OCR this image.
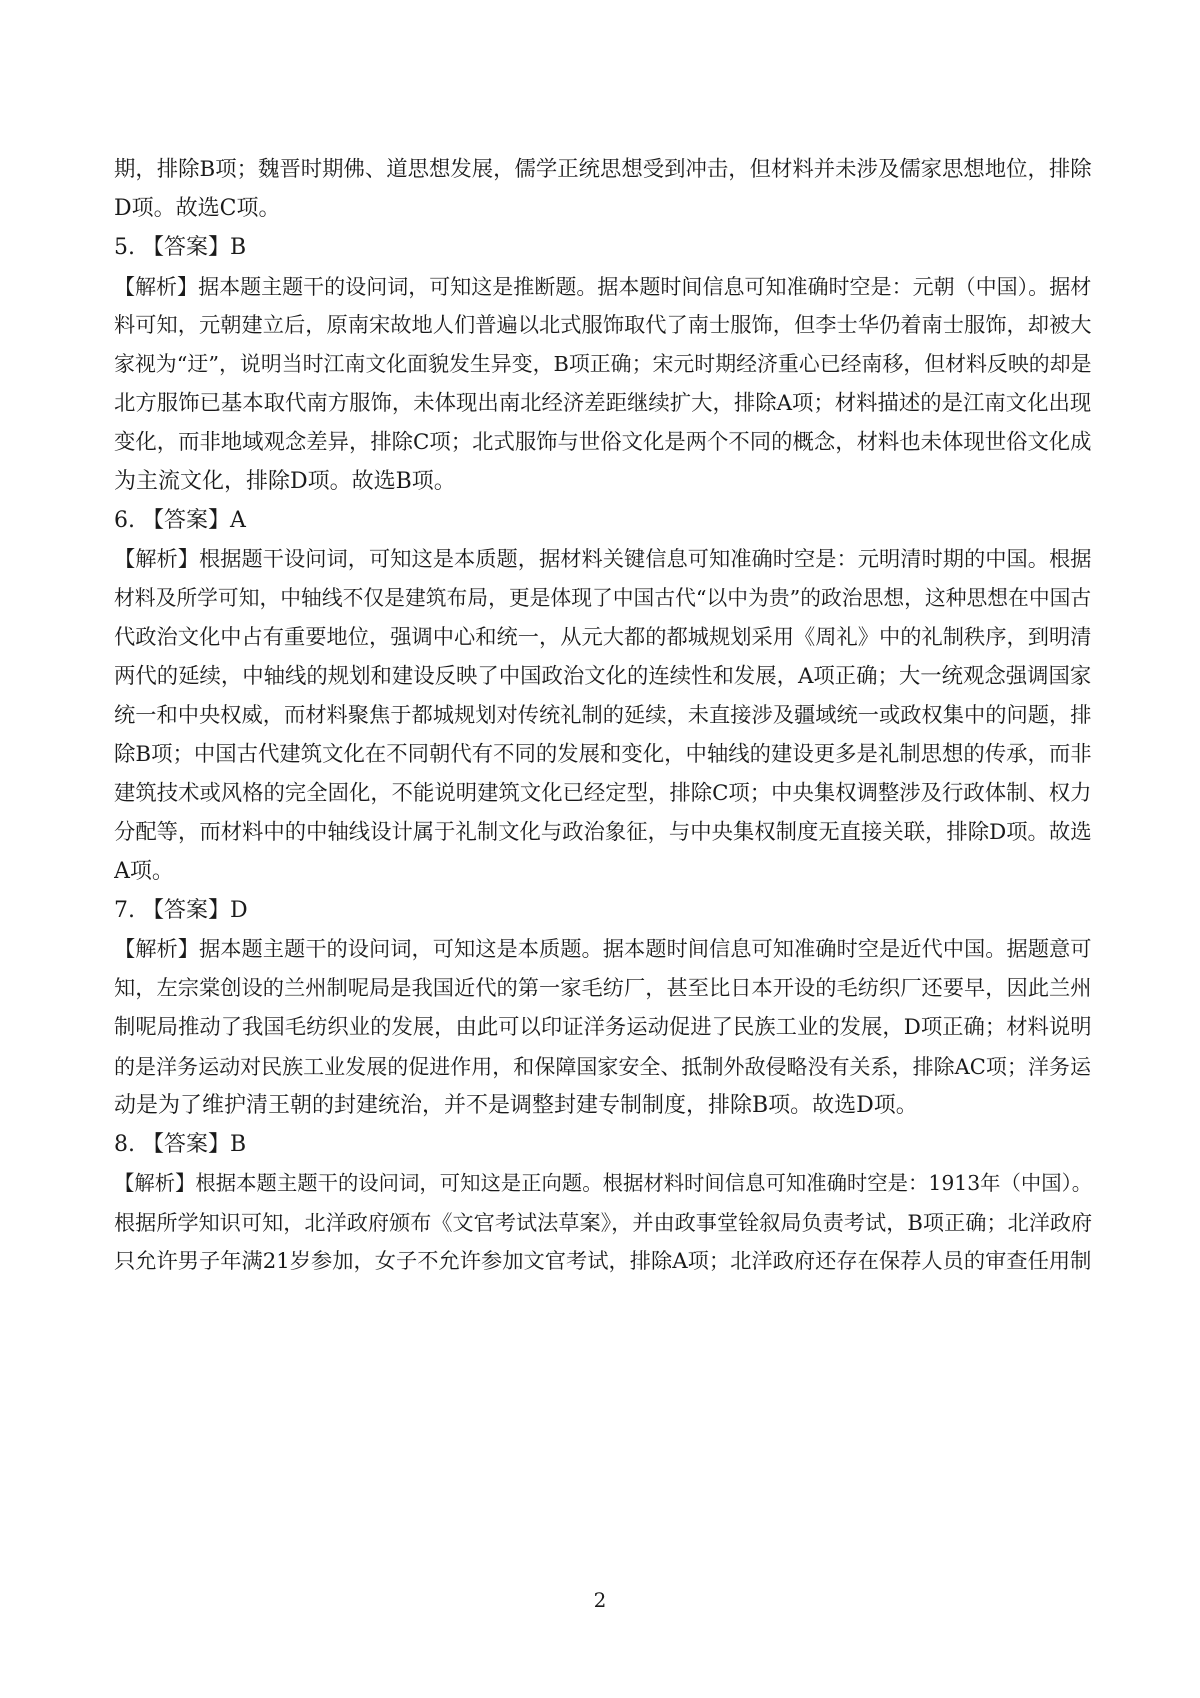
期，排除B项；魏晋时期佛、道思想发展，儒学正统思想受到冲击，但材料并未涉及儒家思想地位，排除
D项。故选C项。
5. 【答案】B
【解析】据本题主题干的设问词，可知这是推断题。据本题时间信息可知准确时空是：元朝（中国）。据材
料可知，元朝建立后，原南宋故地人们普遍以北式服饰取代了南士服饰，但李士华仍着南士服饰，却被大
家视为“迂”，说明当时江南文化面貌发生异变，B项正确；宋元时期经济重心已经南移，但材料反映的却是
北方服饰已基本取代南方服饰，未体现出南北经济差距继续扩大，排除A项；材料描述的是江南文化出现
变化，而非地域观念差异，排除C项；北式服饰与世俗文化是两个不同的概念，材料也未体现世俗文化成
为主流文化，排除D项。故选B项。
6. 【答案】A
【解析】根据题干设问词，可知这是本质题，据材料关键信息可知准确时空是：元明清时期的中国。根据
材料及所学可知，中轴线不仅是建筑布局，更是体现了中国古代“以中为贵”的政治思想，这种思想在中国古
代政治文化中占有重要地位，强调中心和统一，从元大都的都城规划采用《周礼》中的礼制秩序，到明清
两代的延续，中轴线的规划和建设反映了中国政治文化的连续性和发展，A项正确；大一统观念强调国家
统一和中央权威，而材料聚焦于都城规划对传统礼制的延续，未直接涉及疆域统一或政权集中的问题，排
除B项；中国古代建筑文化在不同朝代有不同的发展和变化，中轴线的建设更多是礼制思想的传承，而非
建筑技术或风格的完全固化，不能说明建筑文化已经定型，排除C项；中央集权调整涉及行政体制、权力
分配等，而材料中的中轴线设计属于礼制文化与政治象征，与中央集权制度无直接关联，排除D项。故选
A项。
7. 【答案】D
【解析】据本题主题干的设问词，可知这是本质题。据本题时间信息可知准确时空是近代中国。据题意可
知，左宗棠创设的兰州制呢局是我国近代的第一家毛纺厂，甚至比日本开设的毛纺织厂还要早，因此兰州
制呢局推动了我国毛纺织业的发展，由此可以印证洋务运动促进了民族工业的发展，D项正确；材料说明
的是洋务运动对民族工业发展的促进作用，和保障国家安全、抵制外敌侵略没有关系，排除AC项；洋务运
动是为了维护清王朝的封建统治，并不是调整封建专制制度，排除B项。故选D项。
8. 【答案】B
【解析】根据本题主题干的设问词，可知这是正向题。根据材料时间信息可知准确时空是：1913年（中国）。
根据所学知识可知，北洋政府颁布《文官考试法草案》，并由政事堂铨叙局负责考试，B项正确；北洋政府
只允许男子年满21岁参加，女子不允许参加文官考试，排除A项；北洋政府还存在保荐人员的审查任用制
2
